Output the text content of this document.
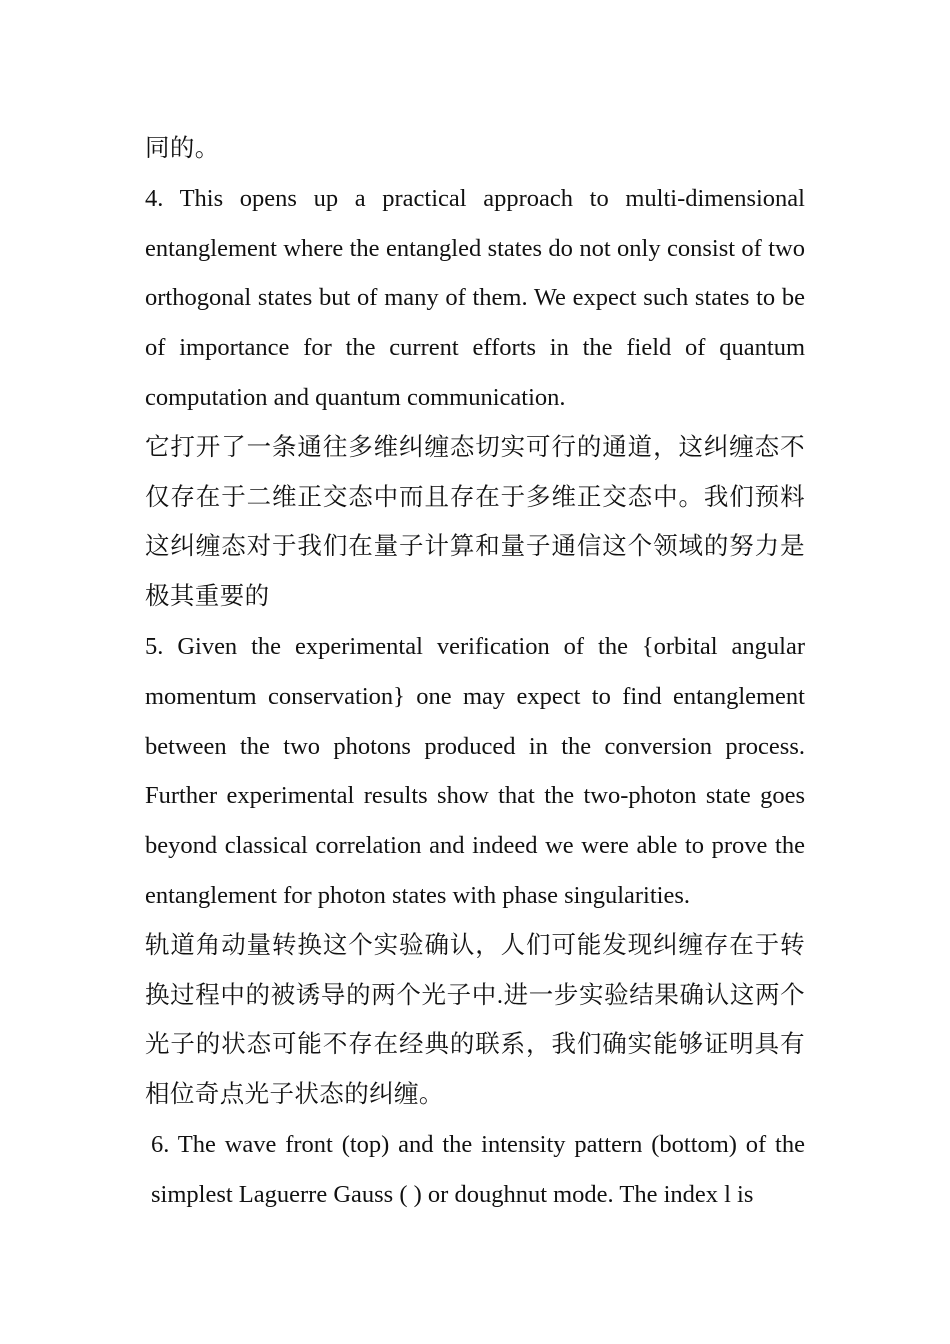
同的。

4. This opens up a practical approach to multi-dimensional entanglement where the entangled states do not only consist of two orthogonal states but of many of them. We expect such states to be of importance for the current efforts in the field of quantum computation and quantum communication.

它打开了一条通往多维纠缠态切实可行的通道，这纠缠态不仅存在于二维正交态中而且存在于多维正交态中。我们预料这纠缠态对于我们在量子计算和量子通信这个领域的努力是极其重要的

5. Given the experimental verification of the {orbital angular momentum conservation} one may expect to find entanglement between the two photons produced in the conversion process. Further experimental results show that the two-photon state goes beyond classical correlation and indeed we were able to prove the entanglement for photon states with phase singularities.

轨道角动量转换这个实验确认，人们可能发现纠缠存在于转换过程中的被诱导的两个光子中.进一步实验结果确认这两个光子的状态可能不存在经典的联系，我们确实能够证明具有相位奇点光子状态的纠缠。

6. The wave front (top) and the intensity pattern (bottom) of the simplest Laguerre Gauss ( ) or doughnut mode. The index l is
